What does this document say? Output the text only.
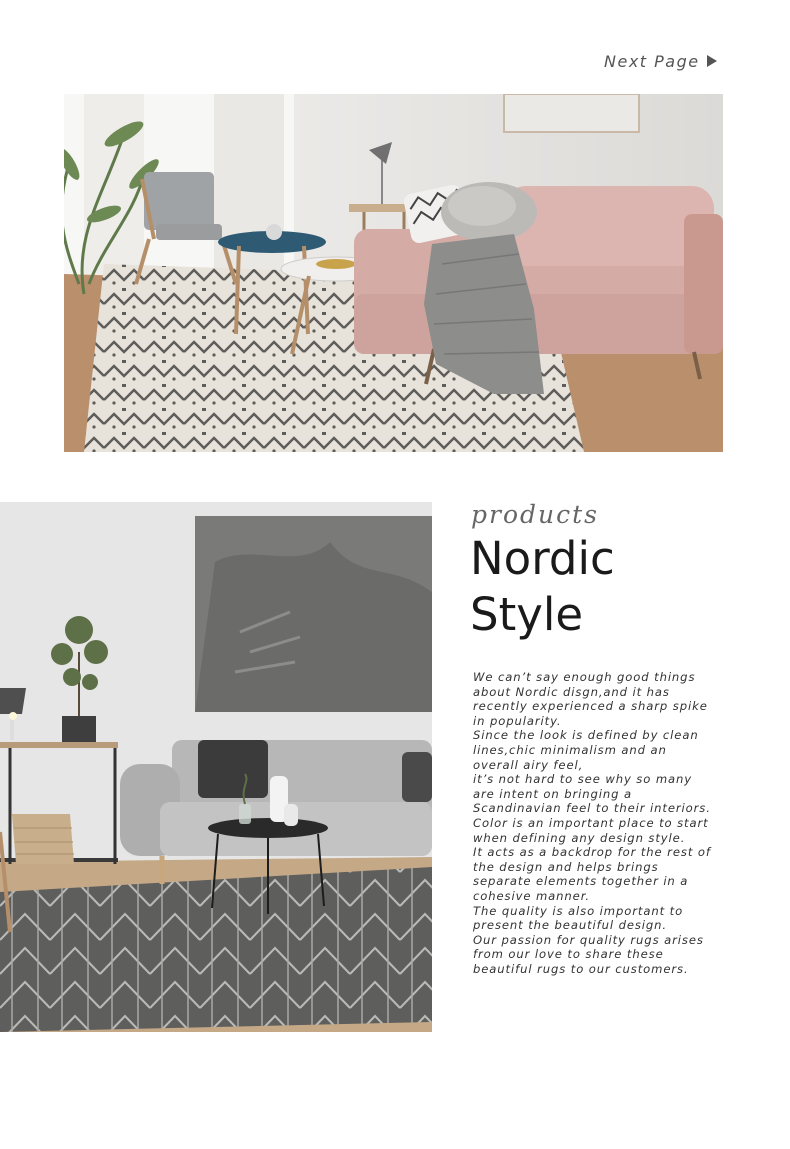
Next Page
products
Nordic
Style

We can’t say enough good things
about Nordic disgn,and it has
recently experienced a sharp spike
in popularity.
Since the look is defined by clean
lines,chic minimalism and an
overall airy feel,
it’s not hard to see why so many
are intent on bringing a
Scandinavian feel to their interiors.
Color is an important place to start
when defining any design style.
It acts as a backdrop for the rest of
the design and helps brings
separate elements together in a
cohesive manner.
The quality is also important to
present the beautiful design.
Our passion for quality rugs arises
from our love to share these
beautiful rugs to our customers.
